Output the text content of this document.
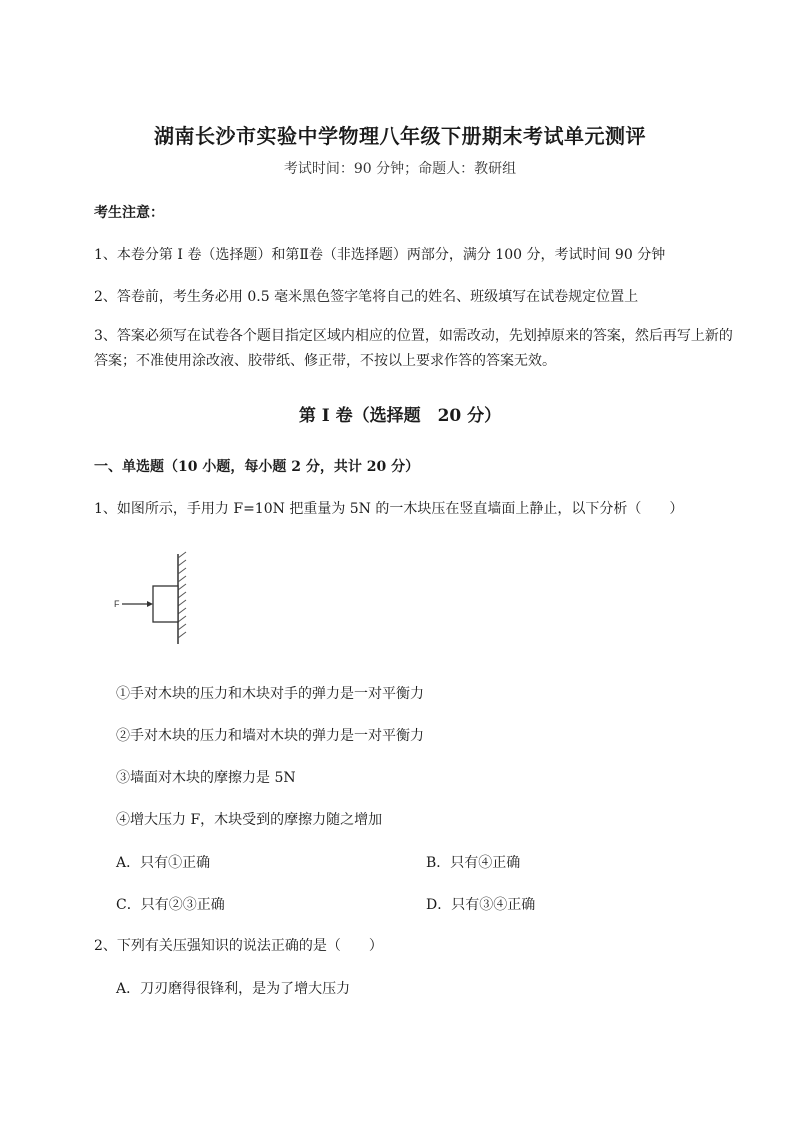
湖南长沙市实验中学物理八年级下册期末考试单元测评
考试时间：90 分钟；命题人：教研组
考生注意：
1、本卷分第 I 卷（选择题）和第Ⅱ卷（非选择题）两部分，满分 100 分，考试时间 90 分钟
2、答卷前，考生务必用 0.5 毫米黑色签字笔将自己的姓名、班级填写在试卷规定位置上
3、答案必须写在试卷各个题目指定区域内相应的位置，如需改动，先划掉原来的答案，然后再写上新的答案；不准使用涂改液、胶带纸、修正带，不按以上要求作答的答案无效。
第 I 卷（选择题　20 分）
一、单选题（10 小题，每小题 2 分，共计 20 分）
1、如图所示，手用力 F=10N 把重量为 5N 的一木块压在竖直墙面上静止，以下分析（　　）
F
①手对木块的压力和木块对手的弹力是一对平衡力
②手对木块的压力和墙对木块的弹力是一对平衡力
③墙面对木块的摩擦力是 5N
④增大压力 F，木块受到的摩擦力随之增加
A．只有①正确	B．只有④正确
C．只有②③正确	D．只有③④正确
2、下列有关压强知识的说法正确的是（　　）
A．刀刃磨得很锋利，是为了增大压力
